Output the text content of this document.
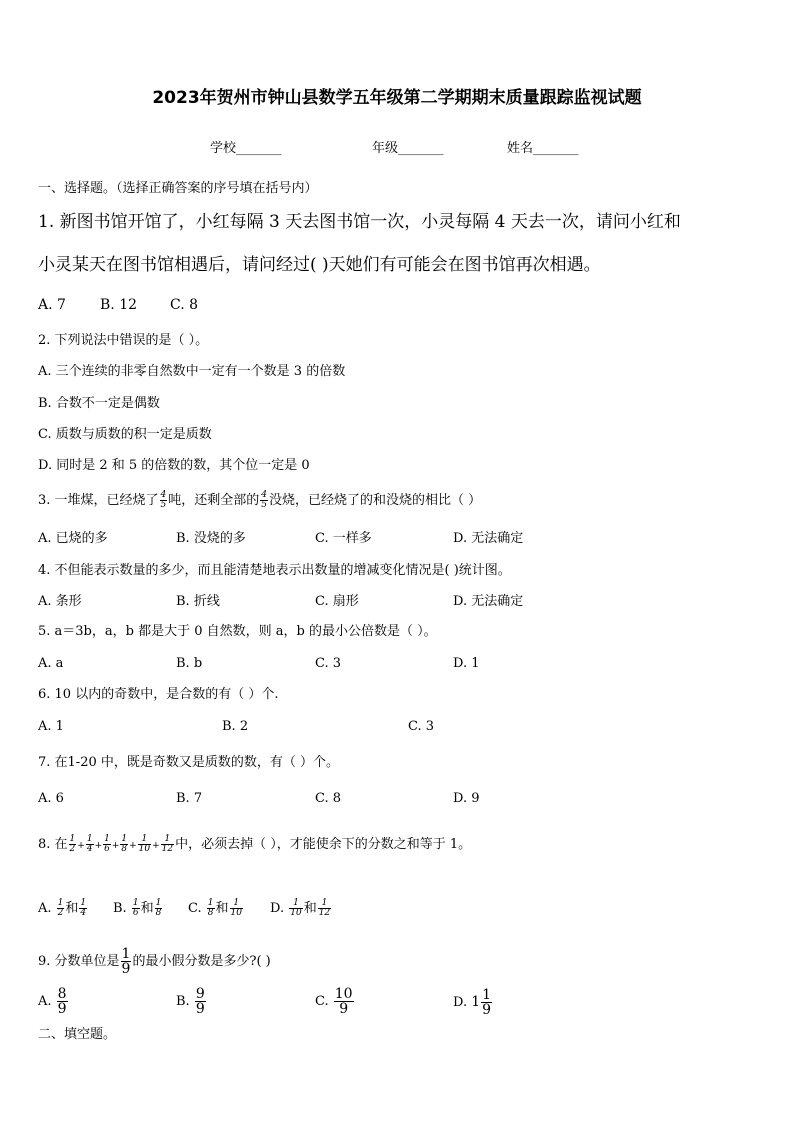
2023年贺州市钟山县数学五年级第二学期期末质量跟踪监视试题
学校_______	年级_______	姓名_______
一、选择题。（选择正确答案的序号填在括号内）
1. 新图书馆开馆了，小红每隔 3 天去图书馆一次，小灵每隔 4 天去一次，请问小红和
小灵某天在图书馆相遇后，请问经过( )天她们有可能会在图书馆再次相遇。
A. 7 B. 12 C. 8
2. 下列说法中错误的是（ ）。
A. 三个连续的非零自然数中一定有一个数是 3 的倍数
B. 合数不一定是偶数
C. 质数与质数的积一定是质数
D. 同时是 2 和 5 的倍数的数，其个位一定是 0
3. 一堆煤，已经烧了 $\frac{4}{5}$ 吨，还剩全部的 $\frac{4}{5}$ 没烧，已经烧了的和没烧的相比（ ）
A. 已烧的多	B. 没烧的多	C. 一样多	D. 无法确定
4. 不但能表示数量的多少，而且能清楚地表示出数量的增减变化情况是( )统计图。
A. 条形	B. 折线	C. 扇形	D. 无法确定
5. a＝3b，a，b 都是大于 0 自然数，则 a，b 的最小公倍数是（ ）。
A. a	B. b	C. 3	D. 1
6. 10 以内的奇数中，是合数的有（ ）个.
A. 1	B. 2	C. 3
7. 在1-20 中，既是奇数又是质数的数，有（ ）个。
A. 6	B. 7	C. 8	D. 9
8. 在 $\frac{1}{2} + \frac{1}{4} + \frac{1}{6} + \frac{1}{8} + \frac{1}{10} + \frac{1}{12}$ 中，必须去掉（ ），才能使余下的分数之和等于 1。
A. $\frac{1}{2}$ 和 $\frac{1}{4} B$. $\frac{1}{6}$ 和 $\frac{1}{8} C$. $\frac{1}{8}$ 和 $\frac{1}{10} D$. $\frac{1}{10}$ 和 $\frac{1}{12}$
9. 分数单位是 $\frac{1}{9}$ 的最小假分数是多少?( )
A. $\frac{8}{9}$	B. $\frac{9}{9}$	C. $\frac{10}{9}$	D. $1 \frac{1}{9}$
二、填空题。
